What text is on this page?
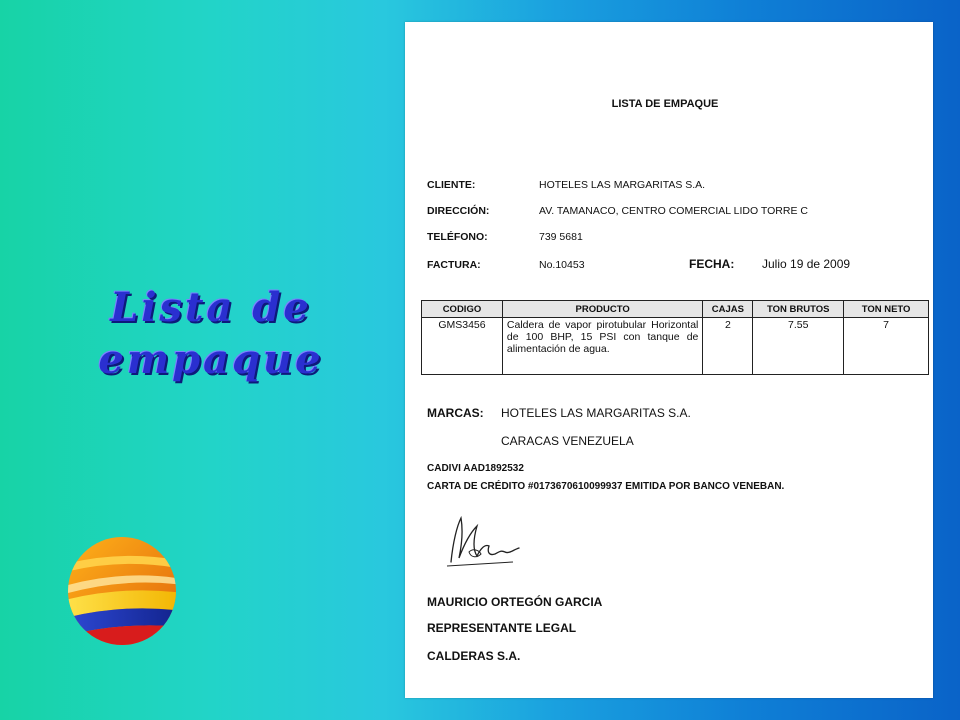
Lista de
empaque
LISTA DE EMPAQUE
CLIENTE:	HOTELES LAS MARGARITAS S.A.
DIRECCIÓN:	AV. TAMANACO, CENTRO COMERCIAL LIDO TORRE C
TELÉFONO:	739 5681
FACTURA:	No.10453	FECHA: Julio 19 de 2009
CODIGO	PRODUCTO	CAJAS	TON BRUTOS	TON NETO
GMS3456	Caldera de vapor pirotubular Horizontal de 100 BHP, 15 PSI con tanque de alimentación de agua.	2	7.55	7
MARCAS: HOTELES LAS MARGARITAS S.A.
CARACAS VENEZUELA
CADIVI AAD1892532
CARTA DE CRÉDITO #0173670610099937 EMITIDA POR BANCO VENEBAN.
MAURICIO ORTEGÓN GARCIA
REPRESENTANTE LEGAL
CALDERAS S.A.
